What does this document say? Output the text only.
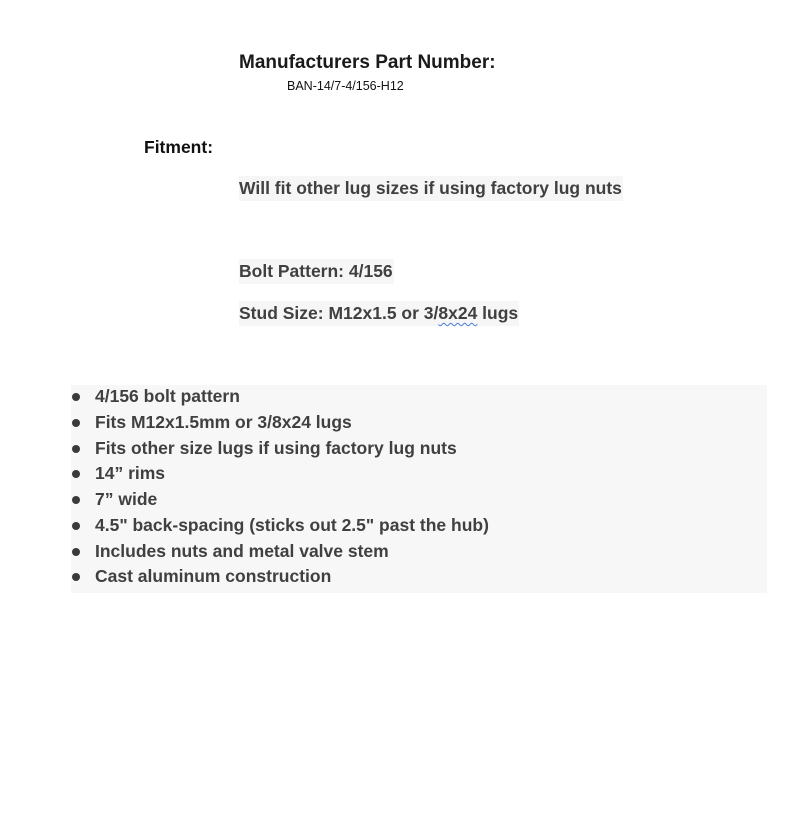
Manufacturers Part Number:
BAN-14/7-4/156-H12
Fitment:
Will fit other lug sizes if using factory lug nuts
Bolt Pattern: 4/156
Stud Size: M12x1.5 or 3/8x24 lugs
4/156 bolt pattern
Fits M12x1.5mm or 3/8x24 lugs
Fits other size lugs if using factory lug nuts
14” rims
7” wide
4.5" back-spacing (sticks out 2.5" past the hub)
Includes nuts and metal valve stem
Cast aluminum construction
